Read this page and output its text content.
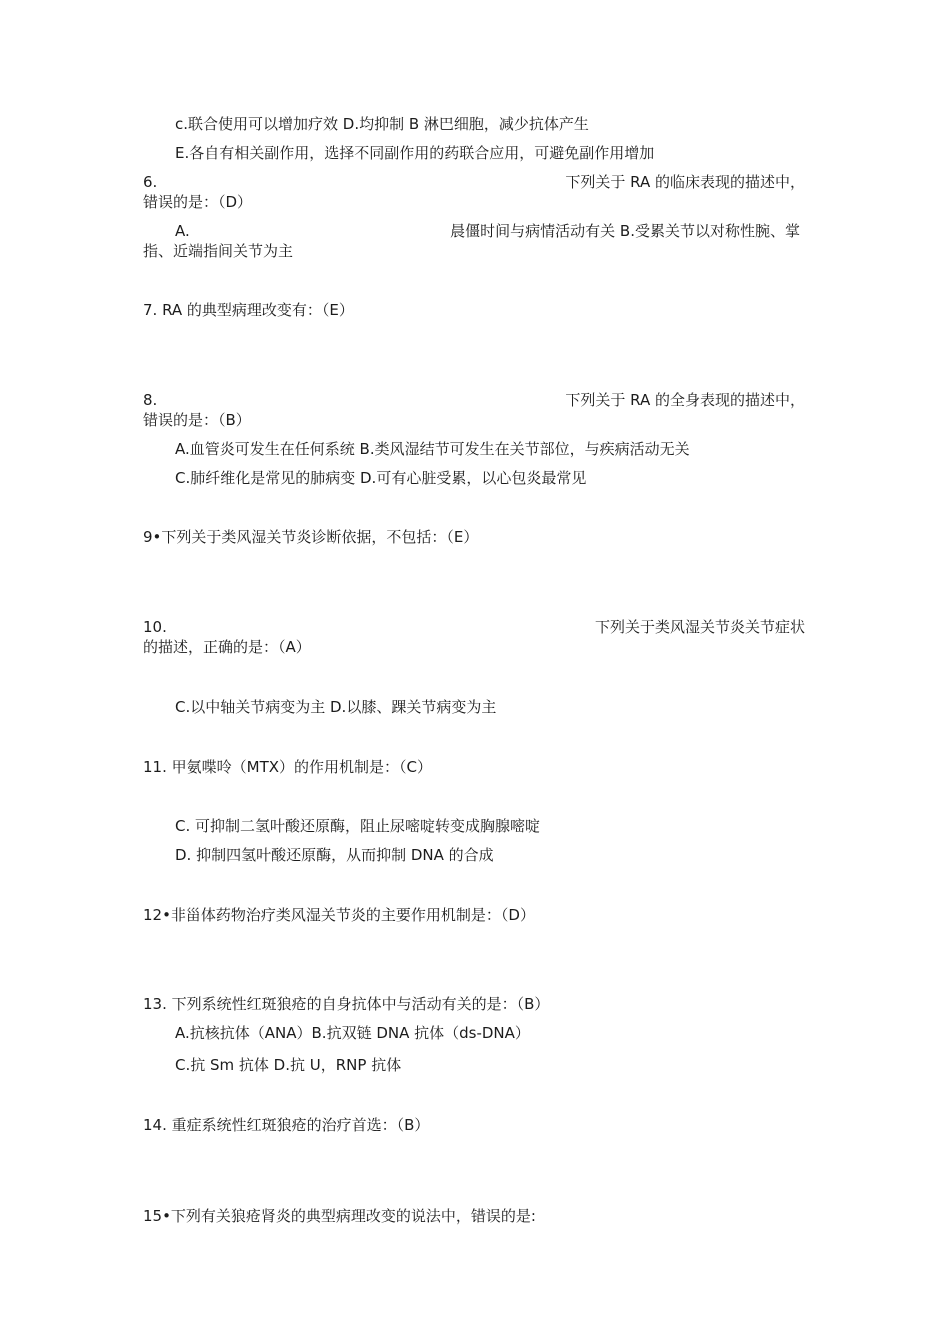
c.联合使用可以增加疗效 D.均抑制 B 淋巴细胞，减少抗体产生
E.各自有相关副作用，选择不同副作用的药联合应用，可避免副作用增加
6.	下列关于 RA 的临床表现的描述中，
错误的是：（D）
A.	晨僵时间与病情活动有关 B.受累关节以对称性腕、掌
指、近端指间关节为主
7. RA 的典型病理改变有：（E）
8.	下列关于 RA 的全身表现的描述中，
错误的是：（B）
A.血管炎可发生在任何系统 B.类风湿结节可发生在关节部位，与疾病活动无关
C.肺纤维化是常见的肺病变 D.可有心脏受累，以心包炎最常见
9•下列关于类风湿关节炎诊断依据，不包括：（E）
10.	下列关于类风湿关节炎关节症状
的描述，正确的是：（A）
C.以中轴关节病变为主 D.以膝、踝关节病变为主
11. 甲氨喋呤（MTX）的作用机制是：（C）
C. 可抑制二氢叶酸还原酶，阻止尿嘧啶转变成胸腺嘧啶
D. 抑制四氢叶酸还原酶，从而抑制 DNA 的合成
12•非甾体药物治疗类风湿关节炎的主要作用机制是：（D）
13. 下列系统性红斑狼疮的自身抗体中与活动有关的是：（B）
A.抗核抗体（ANA）B.抗双链 DNA 抗体（ds-DNA）
C.抗 Sm 抗体 D.抗 U，RNP 抗体
14. 重症系统性红斑狼疮的治疗首选：（B）
15•下列有关狼疮肾炎的典型病理改变的说法中，错误的是:
